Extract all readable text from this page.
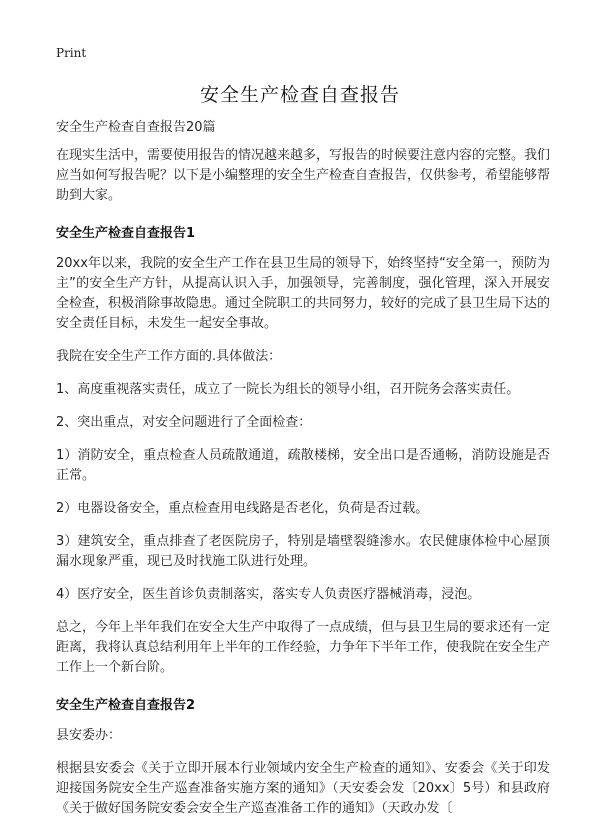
Print
安全生产检查自查报告

安全生产检查自查报告20篇

在现实生活中，需要使用报告的情况越来越多，写报告的时候要注意内容的完整。我们应当如何写报告呢？以下是小编整理的安全生产检查自查报告，仅供参考，希望能够帮助到大家。

安全生产检查自查报告1

20xx年以来，我院的安全生产工作在县卫生局的领导下，始终坚持“安全第一，预防为主”的安全生产方针，从提高认识入手，加强领导，完善制度，强化管理，深入开展安全检查，积极消除事故隐患。通过全院职工的共同努力，较好的完成了县卫生局下达的安全责任目标，未发生一起安全事故。

我院在安全生产工作方面的.具体做法：

1、高度重视落实责任，成立了一院长为组长的领导小组，召开院务会落实责任。

2、突出重点，对安全问题进行了全面检查：

1）消防安全，重点检查人员疏散通道，疏散楼梯，安全出口是否通畅，消防设施是否正常。

2）电器设备安全，重点检查用电线路是否老化，负荷是否过载。

3）建筑安全，重点排查了老医院房子，特别是墙壁裂缝渗水。农民健康体检中心屋顶漏水现象严重，现已及时找施工队进行处理。

4）医疗安全，医生首诊负责制落实，落实专人负责医疗器械消毒，浸泡。

总之，今年上半年我们在安全大生产中取得了一点成绩，但与县卫生局的要求还有一定距离，我将认真总结利用年上半年的工作经验，力争年下半年工作，使我院在安全生产工作上一个新台阶。

安全生产检查自查报告2

县安委办：

根据县安委会《关于立即开展本行业领域内安全生产检查的通知》、安委会《关于印发迎接国务院安全生产巡查准备实施方案的通知》（天安委会发〔20xx〕5号）和县政府《关于做好国务院安委会安全生产巡查准备工作的通知》（天政办发〔
